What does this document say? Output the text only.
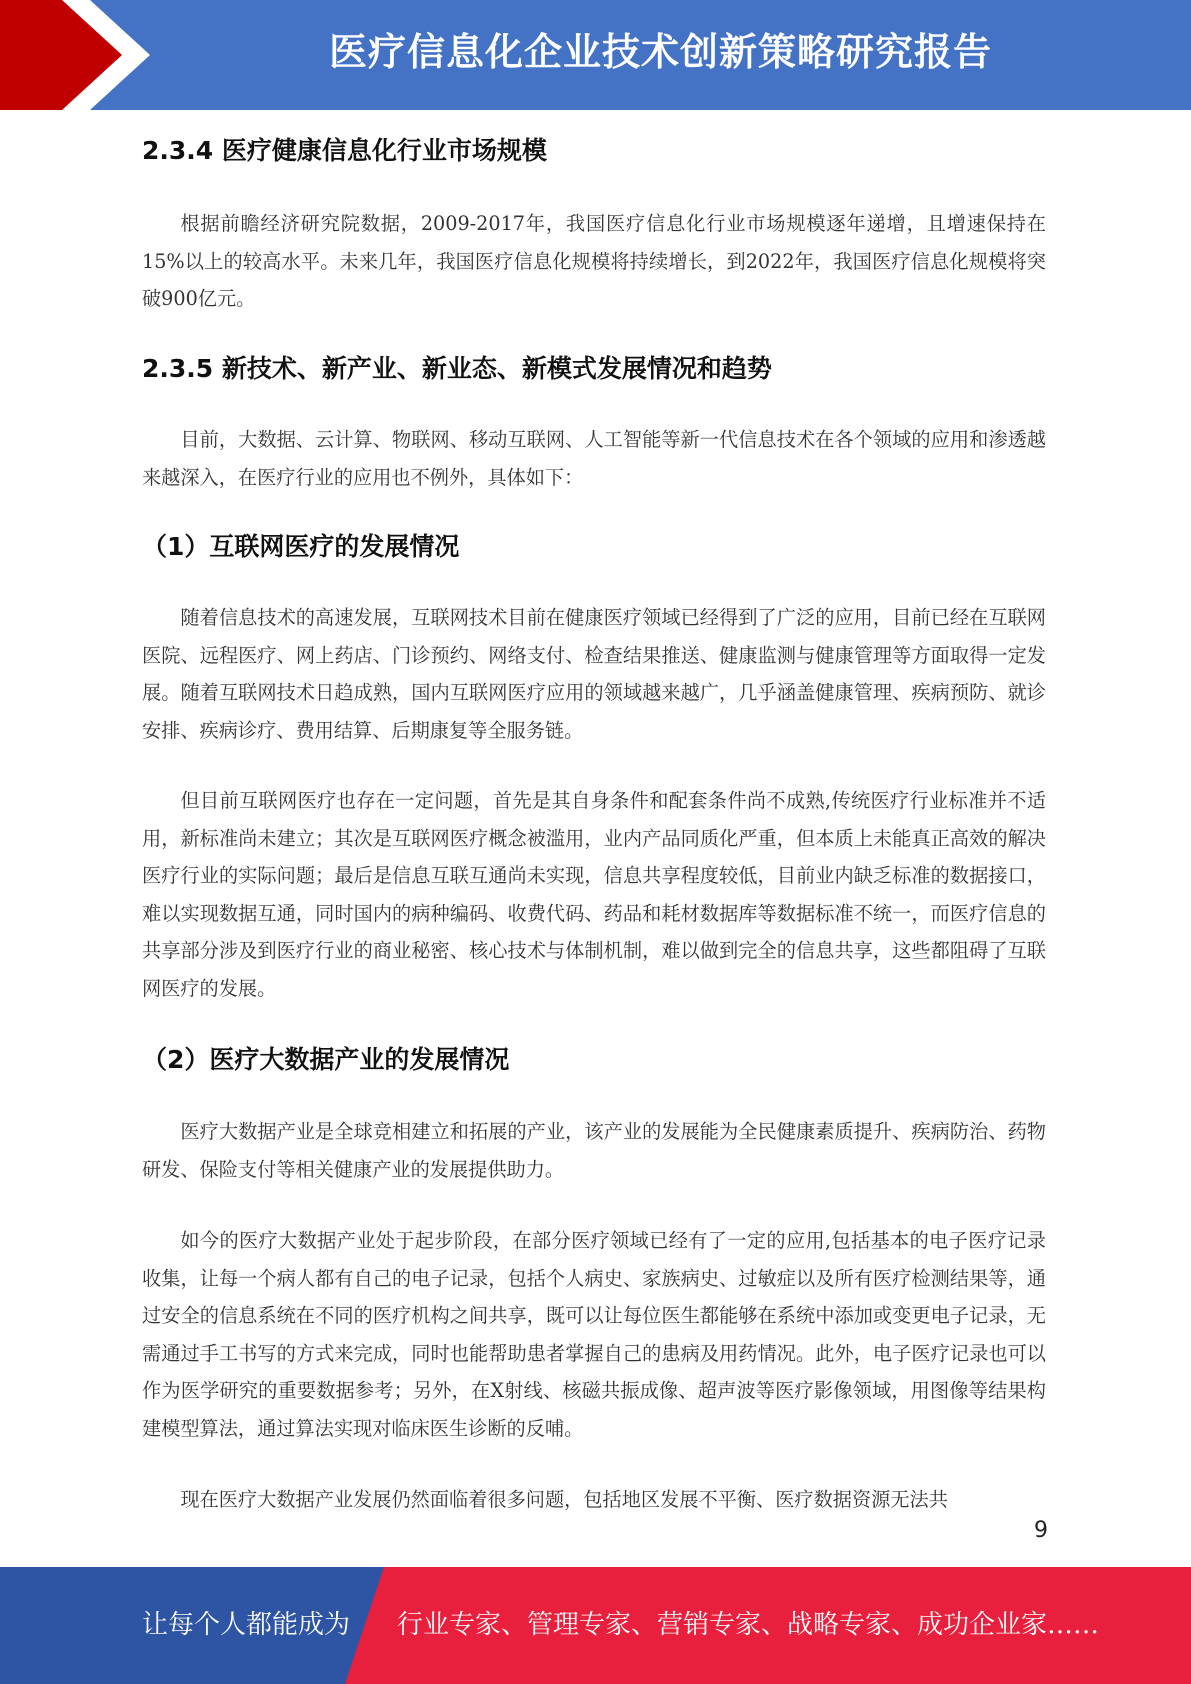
医疗信息化企业技术创新策略研究报告
2.3.4 医疗健康信息化行业市场规模

根据前瞻经济研究院数据，2009-2017年，我国医疗信息化行业市场规模逐年递增，且增速保持在15%以上的较高水平。未来几年，我国医疗信息化规模将持续增长，到2022年，我国医疗信息化规模将突破900亿元。

2.3.5 新技术、新产业、新业态、新模式发展情况和趋势

目前，大数据、云计算、物联网、移动互联网、人工智能等新一代信息技术在各个领域的应用和渗透越来越深入，在医疗行业的应用也不例外，具体如下：

（1）互联网医疗的发展情况

随着信息技术的高速发展，互联网技术目前在健康医疗领域已经得到了广泛的应用，目前已经在互联网医院、远程医疗、网上药店、门诊预约、网络支付、检查结果推送、健康监测与健康管理等方面取得一定发展。随着互联网技术日趋成熟，国内互联网医疗应用的领域越来越广，几乎涵盖健康管理、疾病预防、就诊安排、疾病诊疗、费用结算、后期康复等全服务链。

但目前互联网医疗也存在一定问题，首先是其自身条件和配套条件尚不成熟,传统医疗行业标准并不适用，新标准尚未建立；其次是互联网医疗概念被滥用，业内产品同质化严重，但本质上未能真正高效的解决医疗行业的实际问题；最后是信息互联互通尚未实现，信息共享程度较低，目前业内缺乏标准的数据接口，难以实现数据互通，同时国内的病种编码、收费代码、药品和耗材数据库等数据标准不统一，而医疗信息的共享部分涉及到医疗行业的商业秘密、核心技术与体制机制，难以做到完全的信息共享，这些都阻碍了互联网医疗的发展。

（2）医疗大数据产业的发展情况

医疗大数据产业是全球竞相建立和拓展的产业，该产业的发展能为全民健康素质提升、疾病防治、药物研发、保险支付等相关健康产业的发展提供助力。

如今的医疗大数据产业处于起步阶段，在部分医疗领域已经有了一定的应用,包括基本的电子医疗记录收集，让每一个病人都有自己的电子记录，包括个人病史、家族病史、过敏症以及所有医疗检测结果等，通过安全的信息系统在不同的医疗机构之间共享，既可以让每位医生都能够在系统中添加或变更电子记录，无需通过手工书写的方式来完成，同时也能帮助患者掌握自己的患病及用药情况。此外，电子医疗记录也可以作为医学研究的重要数据参考；另外，在X射线、核磁共振成像、超声波等医疗影像领域，用图像等结果构建模型算法，通过算法实现对临床医生诊断的反哺。

现在医疗大数据产业发展仍然面临着很多问题，包括地区发展不平衡、医疗数据资源无法共

9
让每个人都能成为 行业专家、管理专家、营销专家、战略专家、成功企业家……
